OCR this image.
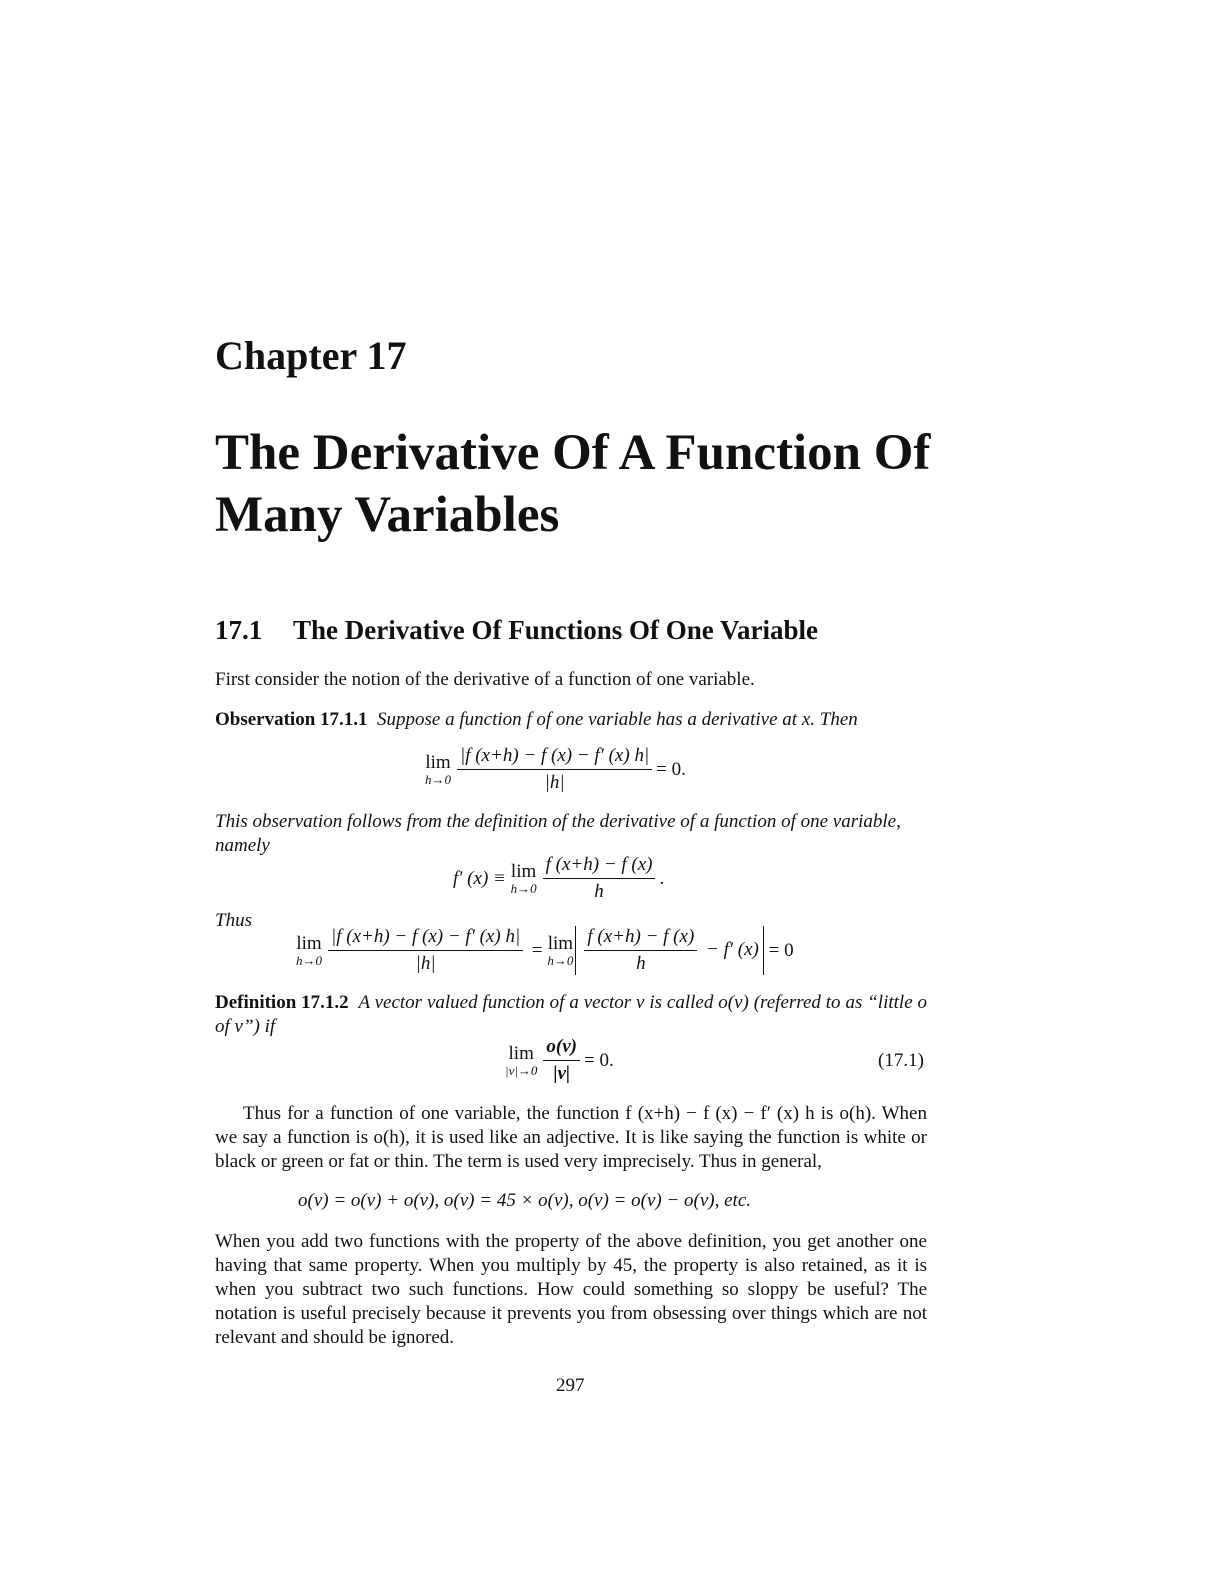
Chapter 17
The Derivative Of A Function Of Many Variables
17.1 The Derivative Of Functions Of One Variable
First consider the notion of the derivative of a function of one variable.
Observation 17.1.1 Suppose a function f of one variable has a derivative at x. Then
lim
$h\to 0 \frac{|f (x+h) - f (x) - f' (x) h|}{|h|} = 0$.
This observation follows from the definition of the derivative of a function of one variable, namely
f′ (x) ≡
lim
$h\to 0 \frac{f (x+h) - f (x)}{h}$ .
Thus
lim
$h\to 0 \frac{|f (x+h) - f (x) - f' (x) h|}{|h|}$
=
lim
$h\to 0 \frac{f (x+h) - f (x)}{h} - f'$ (x)
= 0
Definition 17.1.2 A vector valued function of a vector v is called o(v) (referred to as “little o of v”) if
lim
$|v|\to 0 \frac{o(v)}{|v|} = 0$.	(17.1)
Thus for a function of one variable, the function f (x+h) − f (x) − f′ (x) h is o(h). When we say a function is o(h), it is used like an adjective. It is like saying the function is white or black or green or fat or thin. The term is used very imprecisely. Thus in general,
o(v) = o(v) + o(v), o(v) = 45 × o(v), o(v) = o(v) − o(v), etc.
When you add two functions with the property of the above definition, you get another one having that same property. When you multiply by 45, the property is also retained, as it is when you subtract two such functions. How could something so sloppy be useful? The notation is useful precisely because it prevents you from obsessing over things which are not relevant and should be ignored.
297
